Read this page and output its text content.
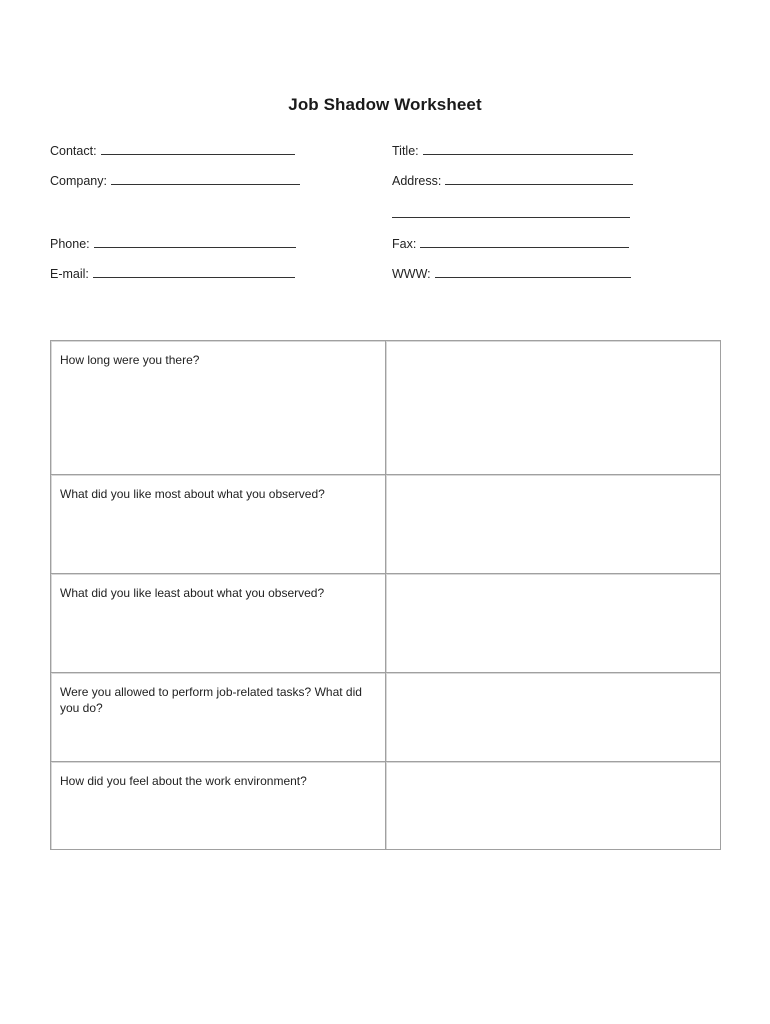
Job Shadow Worksheet
Contact:	Title:
Company:	Address:
Phone:	Fax:
E-mail:	WWW:
How long were you there?	

What did you like most about what you observed?	

What did you like least about what you observed?	

Were you allowed to perform job-related tasks? What did you do?	

How did you feel about the work environment?	
